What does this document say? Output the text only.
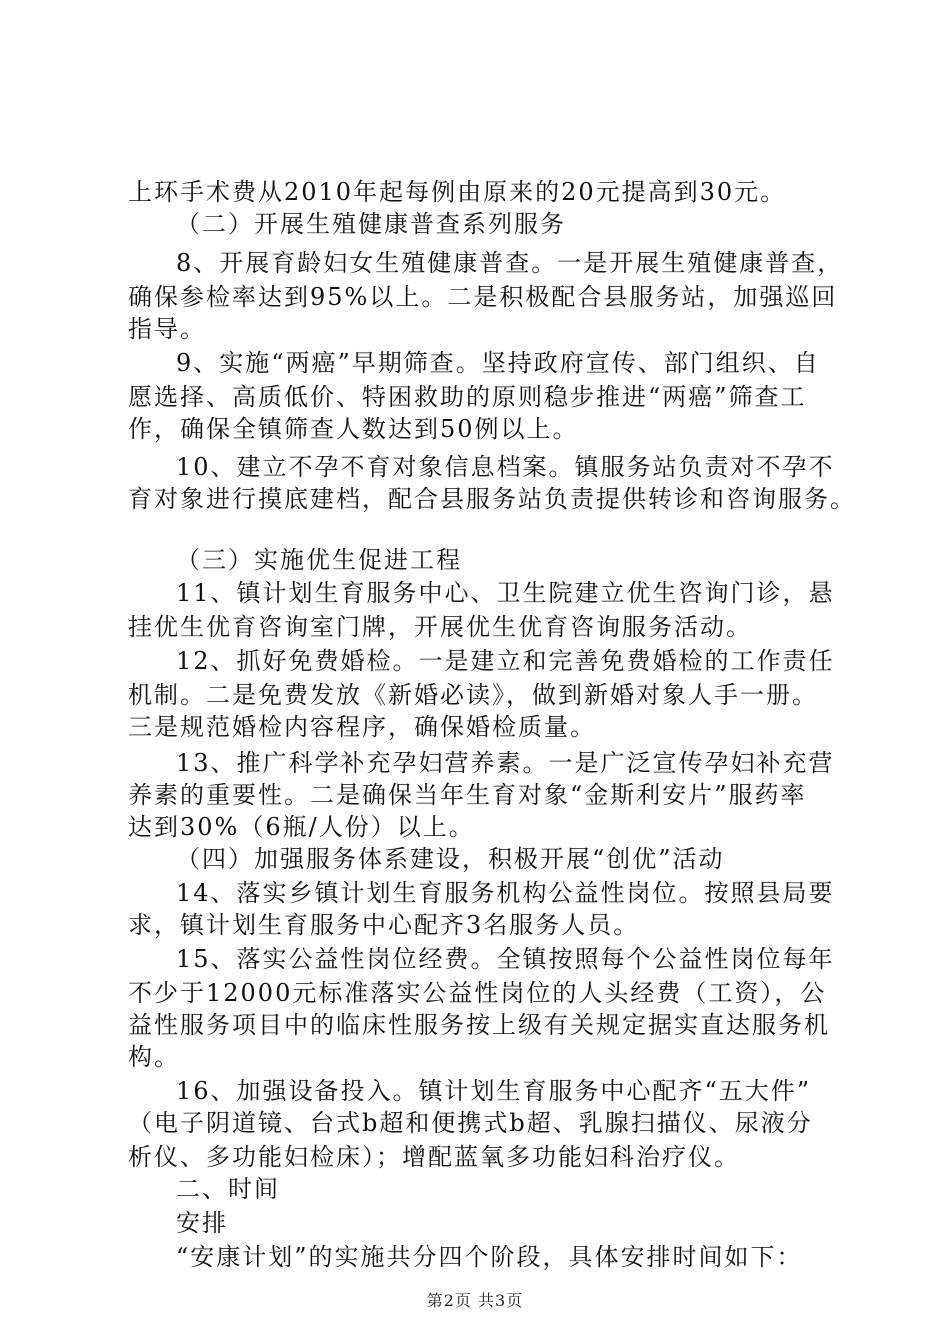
上环手术费从2010年起每例由原来的20元提高到30元。
（二）开展生殖健康普查系列服务
8、开展育龄妇女生殖健康普查。一是开展生殖健康普查，
确保参检率达到95%以上。二是积极配合县服务站，加强巡回
指导。
9、实施“两癌”早期筛查。坚持政府宣传、部门组织、自
愿选择、高质低价、特困救助的原则稳步推进“两癌”筛查工
作，确保全镇筛查人数达到50例以上。
10、建立不孕不育对象信息档案。镇服务站负责对不孕不
育对象进行摸底建档，配合县服务站负责提供转诊和咨询服务。
（三）实施优生促进工程
11、镇计划生育服务中心、卫生院建立优生咨询门诊，悬
挂优生优育咨询室门牌，开展优生优育咨询服务活动。
12、抓好免费婚检。一是建立和完善免费婚检的工作责任
机制。二是免费发放《新婚必读》，做到新婚对象人手一册。
三是规范婚检内容程序，确保婚检质量。
13、推广科学补充孕妇营养素。一是广泛宣传孕妇补充营
养素的重要性。二是确保当年生育对象“金斯利安片”服药率
达到30%（6瓶/人份）以上。
（四）加强服务体系建设，积极开展“创优”活动
14、落实乡镇计划生育服务机构公益性岗位。按照县局要
求，镇计划生育服务中心配齐3名服务人员。
15、落实公益性岗位经费。全镇按照每个公益性岗位每年
不少于12000元标准落实公益性岗位的人头经费（工资），公
益性服务项目中的临床性服务按上级有关规定据实直达服务机
构。
16、加强设备投入。镇计划生育服务中心配齐“五大件”
（电子阴道镜、台式b超和便携式b超、乳腺扫描仪、尿液分
析仪、多功能妇检床）；增配蓝氧多功能妇科治疗仪。
二、时间
安排
“安康计划”的实施共分四个阶段，具体安排时间如下：
第2页 共3页
